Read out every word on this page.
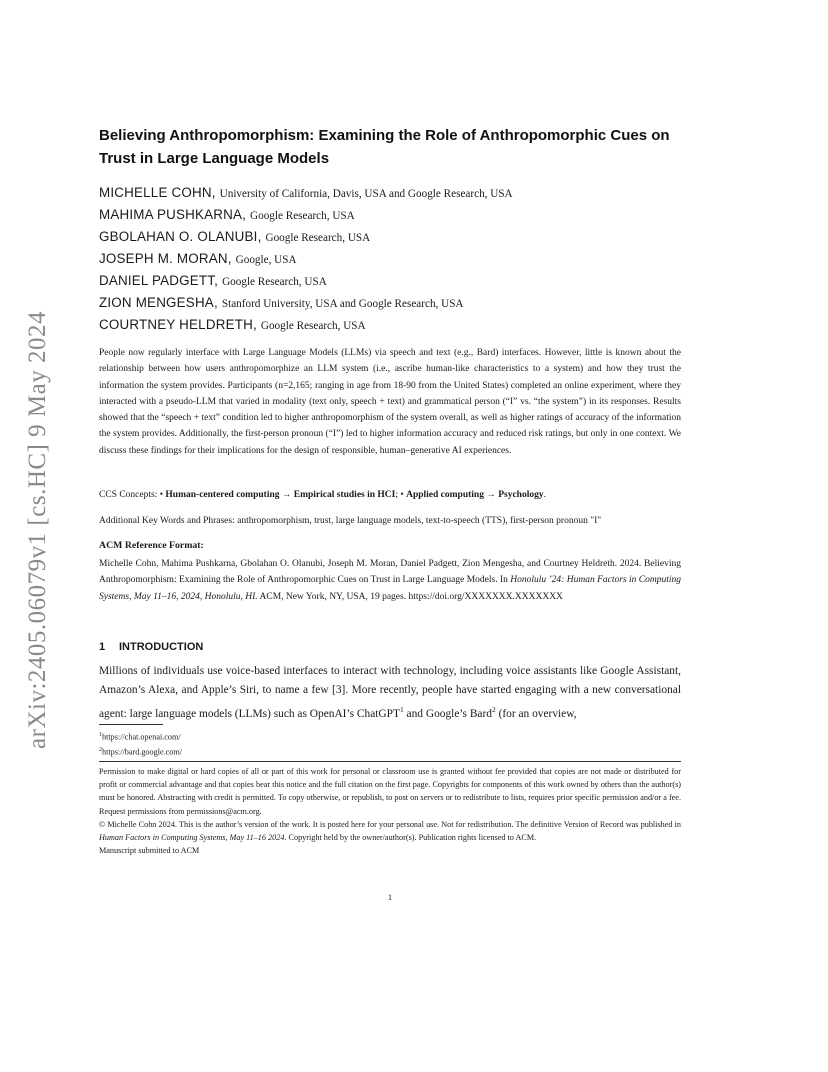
arXiv:2405.06079v1 [cs.HC] 9 May 2024
Believing Anthropomorphism: Examining the Role of Anthropomorphic Cues on Trust in Large Language Models
MICHELLE COHN, University of California, Davis, USA and Google Research, USA
MAHIMA PUSHKARNA, Google Research, USA
GBOLAHAN O. OLANUBI, Google Research, USA
JOSEPH M. MORAN, Google, USA
DANIEL PADGETT, Google Research, USA
ZION MENGESHA, Stanford University, USA and Google Research, USA
COURTNEY HELDRETH, Google Research, USA
People now regularly interface with Large Language Models (LLMs) via speech and text (e.g., Bard) interfaces. However, little is known about the relationship between how users anthropomorphize an LLM system (i.e., ascribe human-like characteristics to a system) and how they trust the information the system provides. Participants (n=2,165; ranging in age from 18-90 from the United States) completed an online experiment, where they interacted with a pseudo-LLM that varied in modality (text only, speech + text) and grammatical person (“I” vs. “the system”) in its responses. Results showed that the “speech + text” condition led to higher anthropomorphism of the system overall, as well as higher ratings of accuracy of the information the system provides. Additionally, the first-person pronoun (“I”) led to higher information accuracy and reduced risk ratings, but only in one context. We discuss these findings for their implications for the design of responsible, human–generative AI experiences.
CCS Concepts: • Human-centered computing → Empirical studies in HCI; • Applied computing → Psychology.
Additional Key Words and Phrases: anthropomorphism, trust, large language models, text-to-speech (TTS), first-person pronoun "I"
ACM Reference Format:
Michelle Cohn, Mahima Pushkarna, Gbolahan O. Olanubi, Joseph M. Moran, Daniel Padgett, Zion Mengesha, and Courtney Heldreth. 2024. Believing Anthropomorphism: Examining the Role of Anthropomorphic Cues on Trust in Large Language Models. In Honolulu ’24: Human Factors in Computing Systems, May 11–16, 2024, Honolulu, HI. ACM, New York, NY, USA, 19 pages. https://doi.org/XXXXXXX.XXXXXXX
1 INTRODUCTION
Millions of individuals use voice-based interfaces to interact with technology, including voice assistants like Google Assistant, Amazon’s Alexa, and Apple’s Siri, to name a few [3]. More recently, people have started engaging with a new conversational agent: large language models (LLMs) such as OpenAI’s ChatGPT$^1$ and Google’s Bard$^2$ (for an overview,
$^1$https://chat.openai.com/
$^2$https://bard.google.com/

Permission to make digital or hard copies of all or part of this work for personal or classroom use is granted without fee provided that copies are not made or distributed for profit or commercial advantage and that copies bear this notice and the full citation on the first page. Copyrights for components of this work owned by others than the author(s) must be honored. Abstracting with credit is permitted. To copy otherwise, or republish, to post on servers or to redistribute to lists, requires prior specific permission and/or a fee. Request permissions from permissions@acm.org.

© Michelle Cohn 2024. This is the author’s version of the work. It is posted here for your personal use. Not for redistribution. The definitive Version of Record was published in Human Factors in Computing Systems, May 11–16 2024. Copyright held by the owner/author(s). Publication rights licensed to ACM.

Manuscript submitted to ACM

1
